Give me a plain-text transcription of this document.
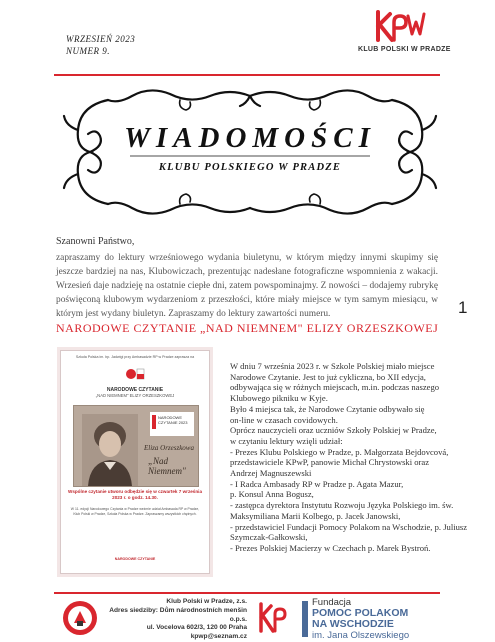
WRZESIEŃ 2023
NUMER 9.	KLUB POLSKI W PRADZE
WIADOMOŚCI
KLUBU POLSKIEGO W PRADZE
Szanowni Państwo,
zapraszamy do lektury wrześniowego wydania biuletynu, w którym między innymi skupimy się jeszcze bardziej na nas, Klubowiczach, prezentując nadesłane fotograficzne wspomnienia z wakacji. Wrzesień daje nadzieję na ostatnie ciepłe dni, zatem powspominajmy. Z nowości – dodajemy rubrykę poświęconą klubowym wydarzeniom z przeszłości, które miały miejsce w tym samym miesiącu, w którym jest wydany biuletyn. Zapraszamy do lektury zawartości numeru.	1
NARODOWE CZYTANIE „NAD NIEMNEM" ELIZY ORZESZKOWEJ
Szkoła Polska im. bp. Jadwigi przy Ambasadzie RP w Pradze zaprasza na
NARODOWE CZYTANIE
„NAD NIEMNEM" ELIZY ORZESZKOWEJ
NARODOWE CZYTANIE 2023
Eliza Orzeszkowa
„Nad Niemnem"
Wspólne czytanie utworu odbędzie się w czwartek 7 września 2023 r. o godz. 14.30.
W 11. edycji Narodowego Czytania w Pradze weźmie udział Ambasada RP w Pradze, Klub Polski w Pradze, Szkoła Polska w Pradze. Zapraszamy wszystkich chętnych.
NARODOWE CZYTANIE
W dniu 7 września 2023 r. w Szkole Polskiej miało miejsce
Narodowe Czytanie. Jest to już cykliczna, bo XII edycja,
odbywająca się w różnych miejscach, m.in. podczas naszego
Klubowego pikniku w Kyje.
Było 4 miejsca tak, że Narodowe Czytanie odbywało się
on-line w czasach covidowych.
Oprócz nauczycieli oraz uczniów Szkoły Polskiej w Pradze,
w czytaniu lektury wzięli udział:
- Prezes Klubu Polskiego w Pradze, p. Małgorzata Bejdovcová,
przedstawiciele KPwP, panowie Michał Chrystowski oraz
Andrzej Magnuszewski
- I Radca Ambasady RP w Pradze p. Agata Mazur,
p. Konsul Anna Bogusz,
- zastępca dyrektora Instytutu Rozwoju Języka Polskiego im. św.
Maksymiliana Marii Kolbego, p. Jacek Janowski,
- przedstawiciel Fundacji Pomocy Polakom na Wschodzie, p. Juliusz
Szymczak-Gałkowski,
- Prezes Polskiej Macierzy w Czechach p. Marek Bystroń.
Klub Polski w Pradze, z.s.
Adres siedziby: Dům národnostních menšin o.p.s.
ul. Vocelova 602/3, 120 00 Praha
kpwp@seznam.cz
Fundacja
POMOC POLAKOM
NA WSCHODZIE
im. Jana Olszewskiego
